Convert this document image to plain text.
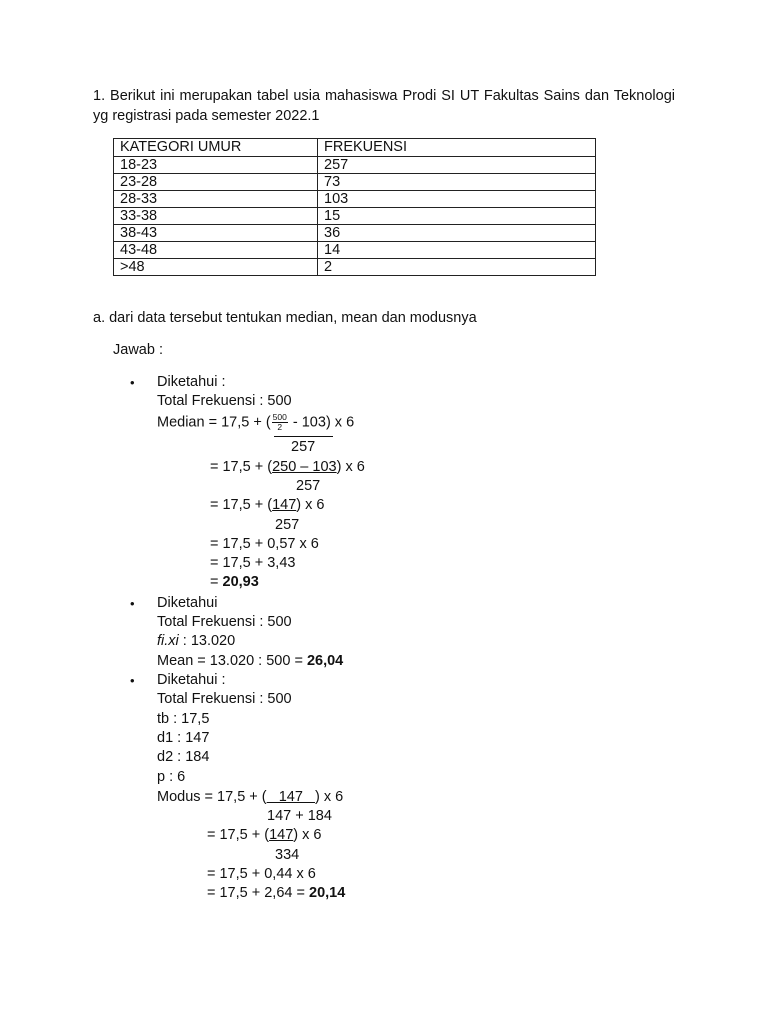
1. Berikut ini merupakan tabel usia mahasiswa Prodi SI UT Fakultas Sains dan Teknologi yg registrasi pada semester 2022.1
KATEGORI UMUR	FREKUENSI
18-23	257
23-28	73
28-33	103
33-38	15
38-43	36
43-48	14
>48	2
a. dari data tersebut tentukan median, mean dan modusnya
Jawab :
• Diketahui :
Total Frekuensi : 500
Median = 17,5 + ( $\frac{500}{2} - 103$) x 6
257
= 17,5 + (250 – 103) x 6
257
= 17,5 + (147) x 6
257
= 17,5 + 0,57 x 6
= 17,5 + 3,43
= 20,93
• Diketahui
Total Frekuensi : 500
fi.xi : 13.020
Mean = 13.020 : 500 = 26,04
• Diketahui :
Total Frekuensi : 500
tb : 17,5
d1 : 147
d2 : 184
p : 6
Modus = 17,5 + (   147   ) x 6
147 + 184
= 17,5 + (147) x 6
334
= 17,5 + 0,44 x 6
= 17,5 + 2,64 = 20,14
